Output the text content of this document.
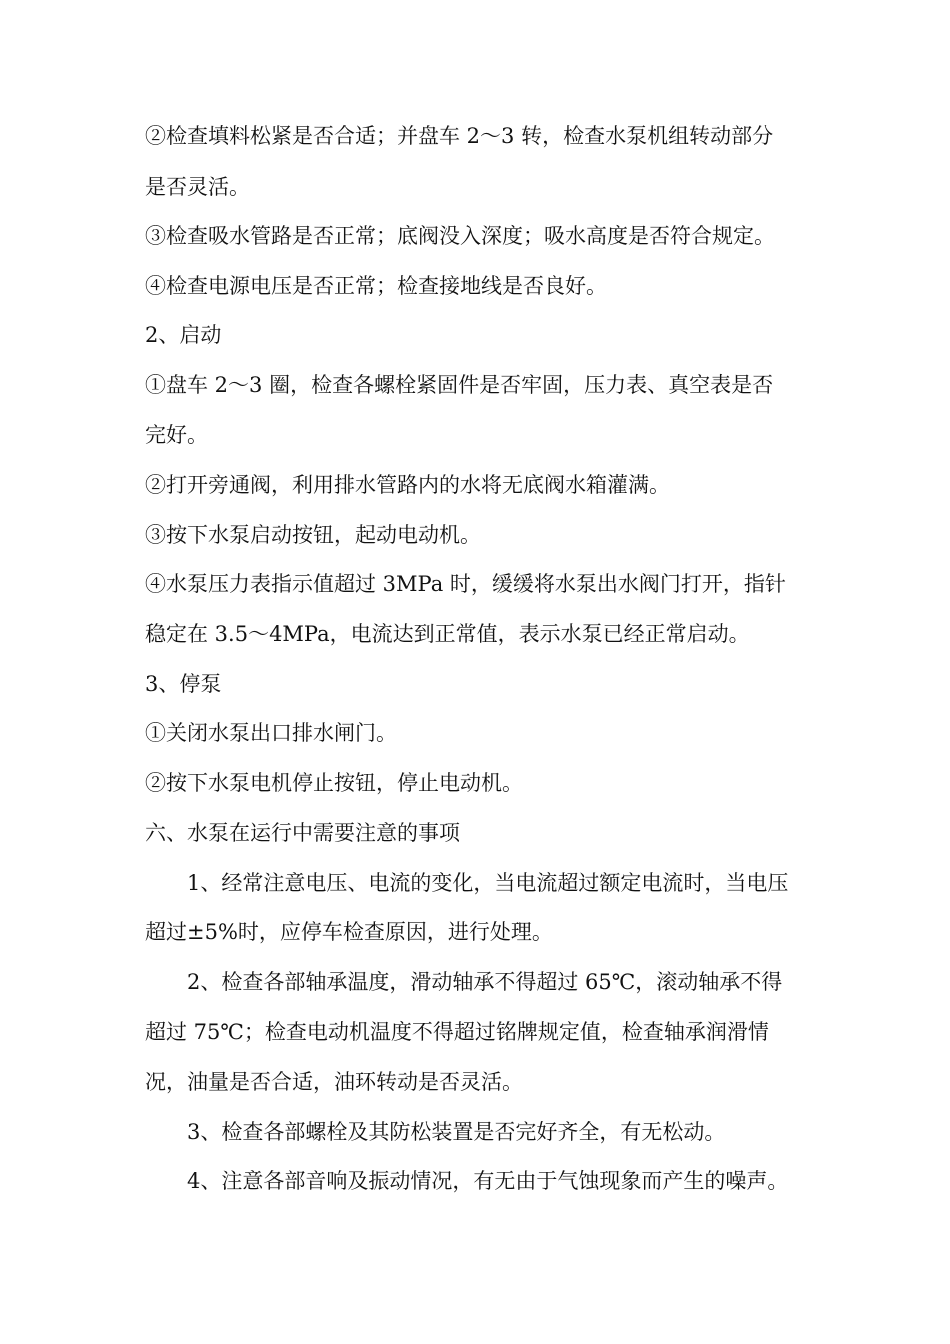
②检查填料松紧是否合适；并盘车 2～3 转，检查水泵机组转动部分
是否灵活。
③检查吸水管路是否正常；底阀没入深度；吸水高度是否符合规定。
④检查电源电压是否正常；检查接地线是否良好。
2、启动
①盘车 2～3 圈，检查各螺栓紧固件是否牢固，压力表、真空表是否
完好。
②打开旁通阀，利用排水管路内的水将无底阀水箱灌满。
③按下水泵启动按钮，起动电动机。
④水泵压力表指示值超过 3MPa 时，缓缓将水泵出水阀门打开，指针
稳定在 3.5～4MPa，电流达到正常值，表示水泵已经正常启动。
3、停泵
①关闭水泵出口排水闸门。
②按下水泵电机停止按钮，停止电动机。
六、水泵在运行中需要注意的事项
1、经常注意电压、电流的变化，当电流超过额定电流时，当电压
超过±5%时，应停车检查原因，进行处理。
2、检查各部轴承温度，滑动轴承不得超过 65℃，滚动轴承不得
超过 75℃；检查电动机温度不得超过铭牌规定值，检查轴承润滑情
况，油量是否合适，油环转动是否灵活。
3、检查各部螺栓及其防松装置是否完好齐全，有无松动。
4、注意各部音响及振动情况，有无由于气蚀现象而产生的噪声。
